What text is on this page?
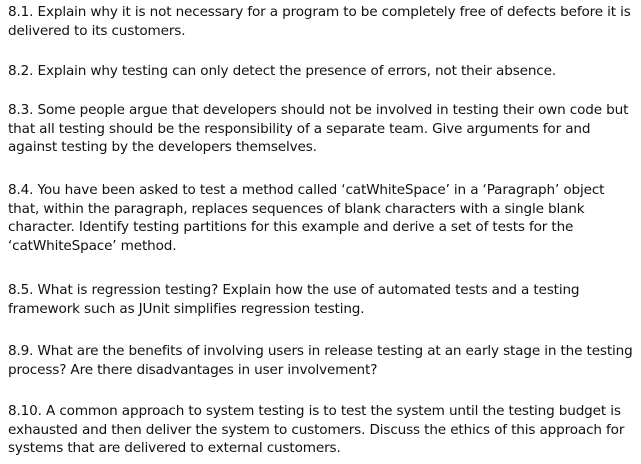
8.1. Explain why it is not necessary for a program to be completely free of defects before it is delivered to its customers.

8.2. Explain why testing can only detect the presence of errors, not their absence.

8.3. Some people argue that developers should not be involved in testing their own code but that all testing should be the responsibility of a separate team. Give arguments for and against testing by the developers themselves.

8.4. You have been asked to test a method called ‘catWhiteSpace’ in a ‘Paragraph’ object that, within the paragraph, replaces sequences of blank characters with a single blank character. Identify testing partitions for this example and derive a set of tests for the ‘catWhiteSpace’ method.

8.5. What is regression testing? Explain how the use of automated tests and a testing framework such as JUnit simplifies regression testing.

8.9. What are the benefits of involving users in release testing at an early stage in the testing process? Are there disadvantages in user involvement?

8.10. A common approach to system testing is to test the system until the testing budget is exhausted and then deliver the system to customers. Discuss the ethics of this approach for systems that are delivered to external customers.
